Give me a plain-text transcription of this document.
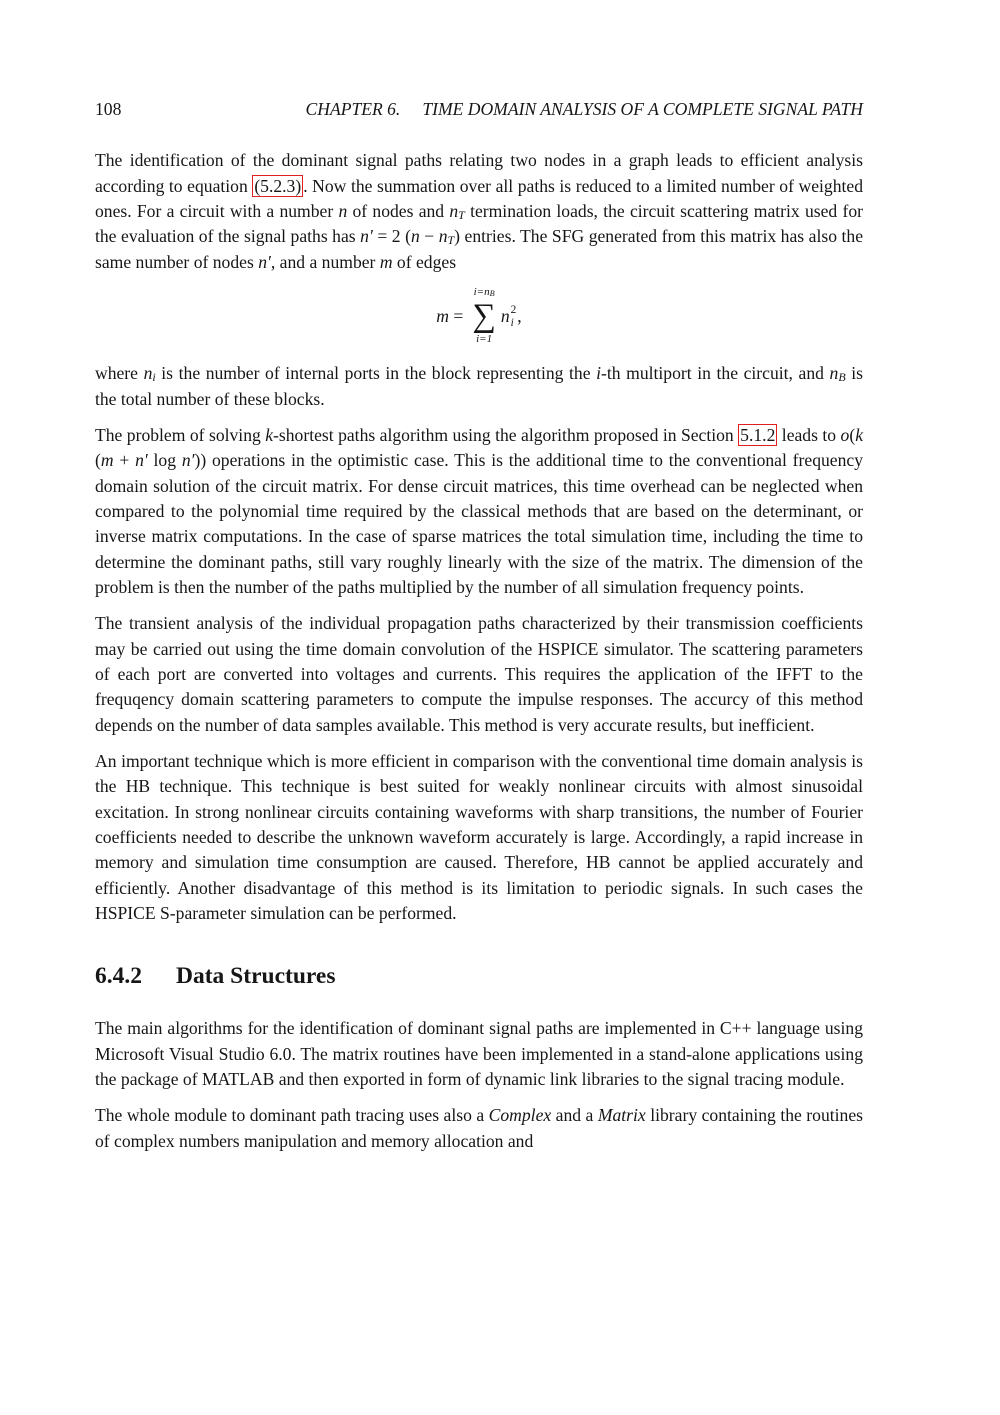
108	CHAPTER 6. TIME DOMAIN ANALYSIS OF A COMPLETE SIGNAL PATH

The identification of the dominant signal paths relating two nodes in a graph leads to efficient analysis according to equation (5.2.3) . Now the summation over all paths is reduced to a limited number of weighted ones. For a circuit with a number n of nodes and nT termination loads, the circuit scattering matrix used for the evaluation of the signal paths has n′ = 2 (n − nT) entries. The SFG generated from this matrix has also the same number of nodes n′, and a number m of edges

m =
i=nB
∑
i=1
n 2
i ,

where ni is the number of internal ports in the block representing the i-th multiport in the circuit, and nB is the total number of these blocks.

The problem of solving k-shortest paths algorithm using the algorithm proposed in Section 5.1.2 leads to o(k (m + n′ log n′)) operations in the optimistic case. This is the additional time to the conventional frequency domain solution of the circuit matrix. For dense circuit matrices, this time overhead can be neglected when compared to the polynomial time required by the classical methods that are based on the determinant, or inverse matrix computations. In the case of sparse matrices the total simulation time, including the time to determine the dominant paths, still vary roughly linearly with the size of the matrix. The dimension of the problem is then the number of the paths multiplied by the number of all simulation frequency points.

The transient analysis of the individual propagation paths characterized by their transmission coefficients may be carried out using the time domain convolution of the HSPICE simulator. The scattering parameters of each port are converted into voltages and currents. This requires the application of the IFFT to the frequqency domain scattering parameters to compute the impulse responses. The accurcy of this method depends on the number of data samples available. This method is very accurate results, but inefficient.

An important technique which is more efficient in comparison with the conventional time domain analysis is the HB technique. This technique is best suited for weakly nonlinear circuits with almost sinusoidal excitation. In strong nonlinear circuits containing waveforms with sharp transitions, the number of Fourier coefficients needed to describe the unknown waveform accurately is large. Accordingly, a rapid increase in memory and simulation time consumption are caused. Therefore, HB cannot be applied accurately and efficiently. Another disadvantage of this method is its limitation to periodic signals. In such cases the HSPICE S-parameter simulation can be performed.

6.4.2 Data Structures

The main algorithms for the identification of dominant signal paths are implemented in C++ language using Microsoft Visual Studio 6.0. The matrix routines have been implemented in a stand-alone applications using the package of MATLAB and then exported in form of dynamic link libraries to the signal tracing module.

The whole module to dominant path tracing uses also a Complex and a Matrix library containing the routines of complex numbers manipulation and memory allocation and
